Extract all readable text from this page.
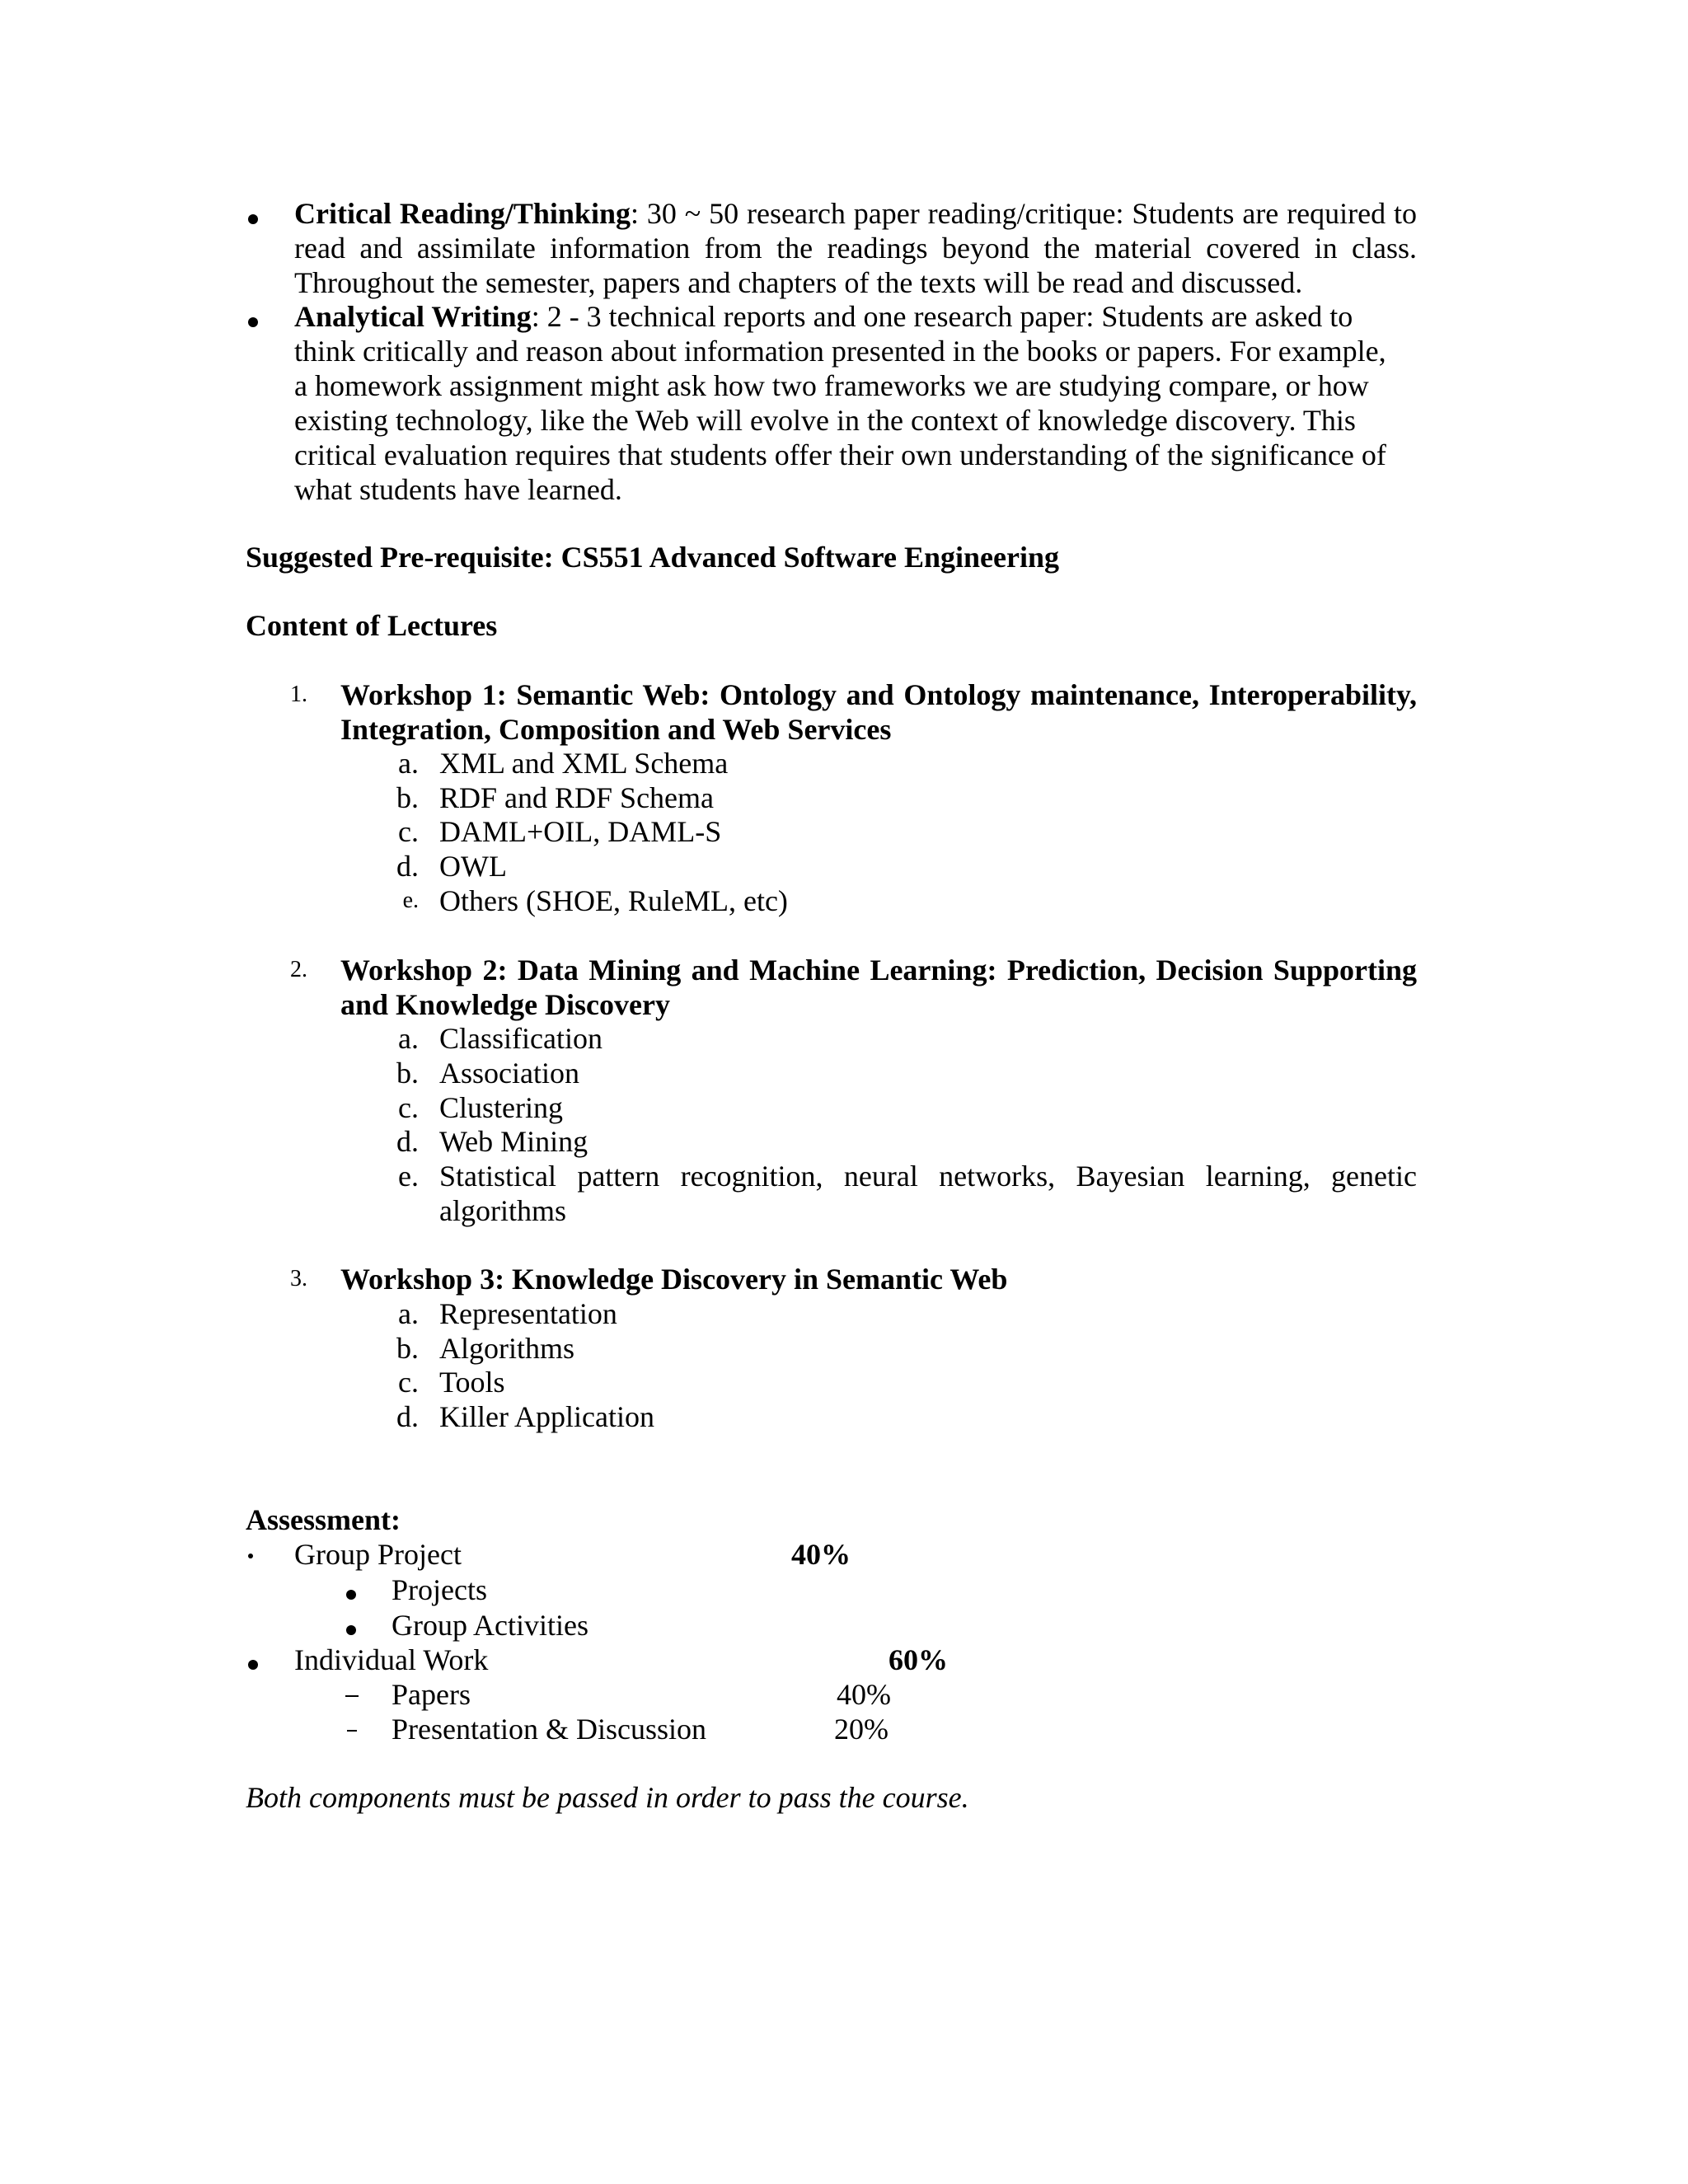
Critical Reading/Thinking: 30 ~ 50 research paper reading/critique: Students are required to read and assimilate information from the readings beyond the material covered in class. Throughout the semester, papers and chapters of the texts will be read and discussed.
Analytical Writing: 2 - 3 technical reports and one research paper: Students are asked to think critically and reason about information presented in the books or papers. For example, a homework assignment might ask how two frameworks we are studying compare, or how existing technology, like the Web will evolve in the context of knowledge discovery. This critical evaluation requires that students offer their own understanding of the significance of what students have learned.
Suggested Pre-requisite: CS551 Advanced Software Engineering
Content of Lectures
1. Workshop 1: Semantic Web: Ontology and Ontology maintenance, Interoperability, Integration, Composition and Web Services
a. XML and XML Schema
b. RDF and RDF Schema
c. DAML+OIL, DAML-S
d. OWL
e. Others (SHOE, RuleML, etc)
2. Workshop 2: Data Mining and Machine Learning: Prediction, Decision Supporting and Knowledge Discovery
a. Classification
b. Association
c. Clustering
d. Web Mining
e. Statistical pattern recognition, neural networks, Bayesian learning, genetic algorithms
3. Workshop 3: Knowledge Discovery in Semantic Web
a. Representation
b. Algorithms
c. Tools
d. Killer Application
Assessment:
Group Project	40%
Projects
Group Activities
Individual Work	60%
Papers	40%
Presentation & Discussion	20%
Both components must be passed in order to pass the course.
